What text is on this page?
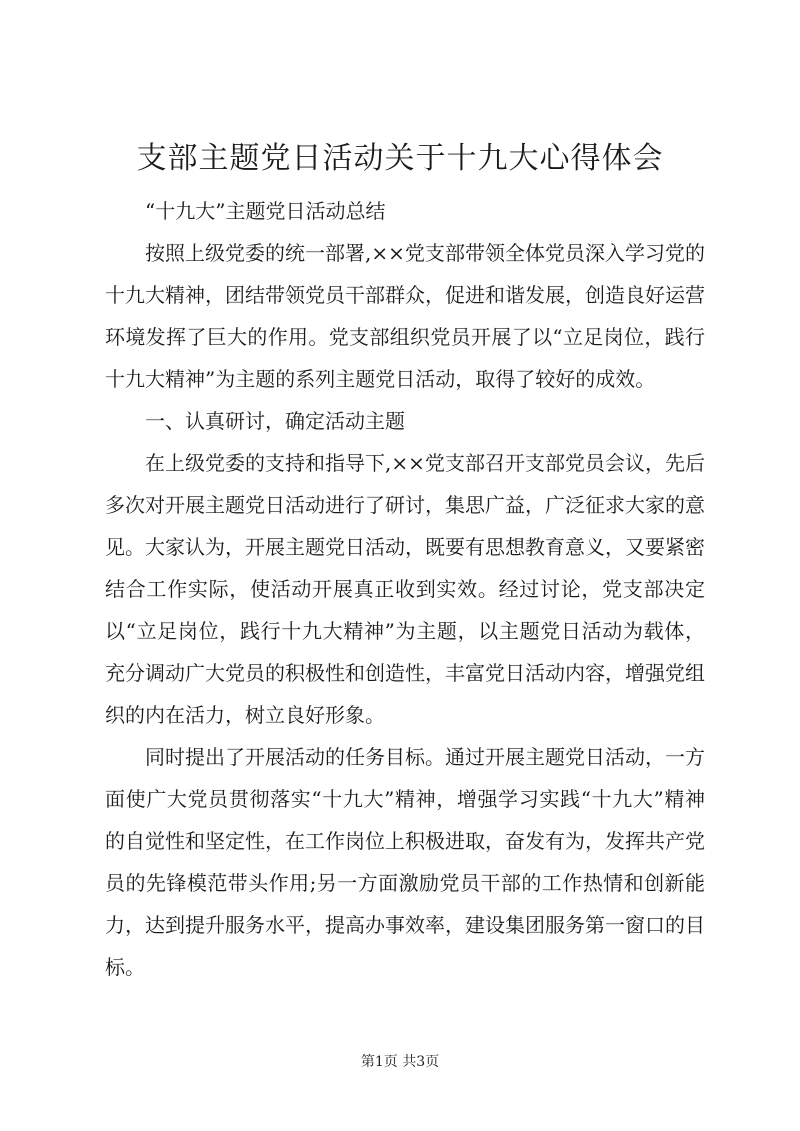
支部主题党日活动关于十九大心得体会

“十九大”主题党日活动总结

按照上级党委的统一部署,××党支部带领全体党员深入学习党的十九大精神，团结带领党员干部群众，促进和谐发展，创造良好运营环境发挥了巨大的作用。党支部组织党员开展了以“立足岗位，践行十九大精神”为主题的系列主题党日活动，取得了较好的成效。

一、认真研讨，确定活动主题

在上级党委的支持和指导下,××党支部召开支部党员会议，先后多次对开展主题党日活动进行了研讨，集思广益，广泛征求大家的意见。大家认为，开展主题党日活动，既要有思想教育意义，又要紧密结合工作实际，使活动开展真正收到实效。经过讨论，党支部决定以“立足岗位，践行十九大精神”为主题，以主题党日活动为载体，充分调动广大党员的积极性和创造性，丰富党日活动内容，增强党组织的内在活力，树立良好形象。

同时提出了开展活动的任务目标。通过开展主题党日活动，一方面使广大党员贯彻落实“十九大”精神，增强学习实践“十九大”精神的自觉性和坚定性，在工作岗位上积极进取，奋发有为，发挥共产党员的先锋模范带头作用;另一方面激励党员干部的工作热情和创新能力，达到提升服务水平，提高办事效率，建设集团服务第一窗口的目标。

第1页 共3页
